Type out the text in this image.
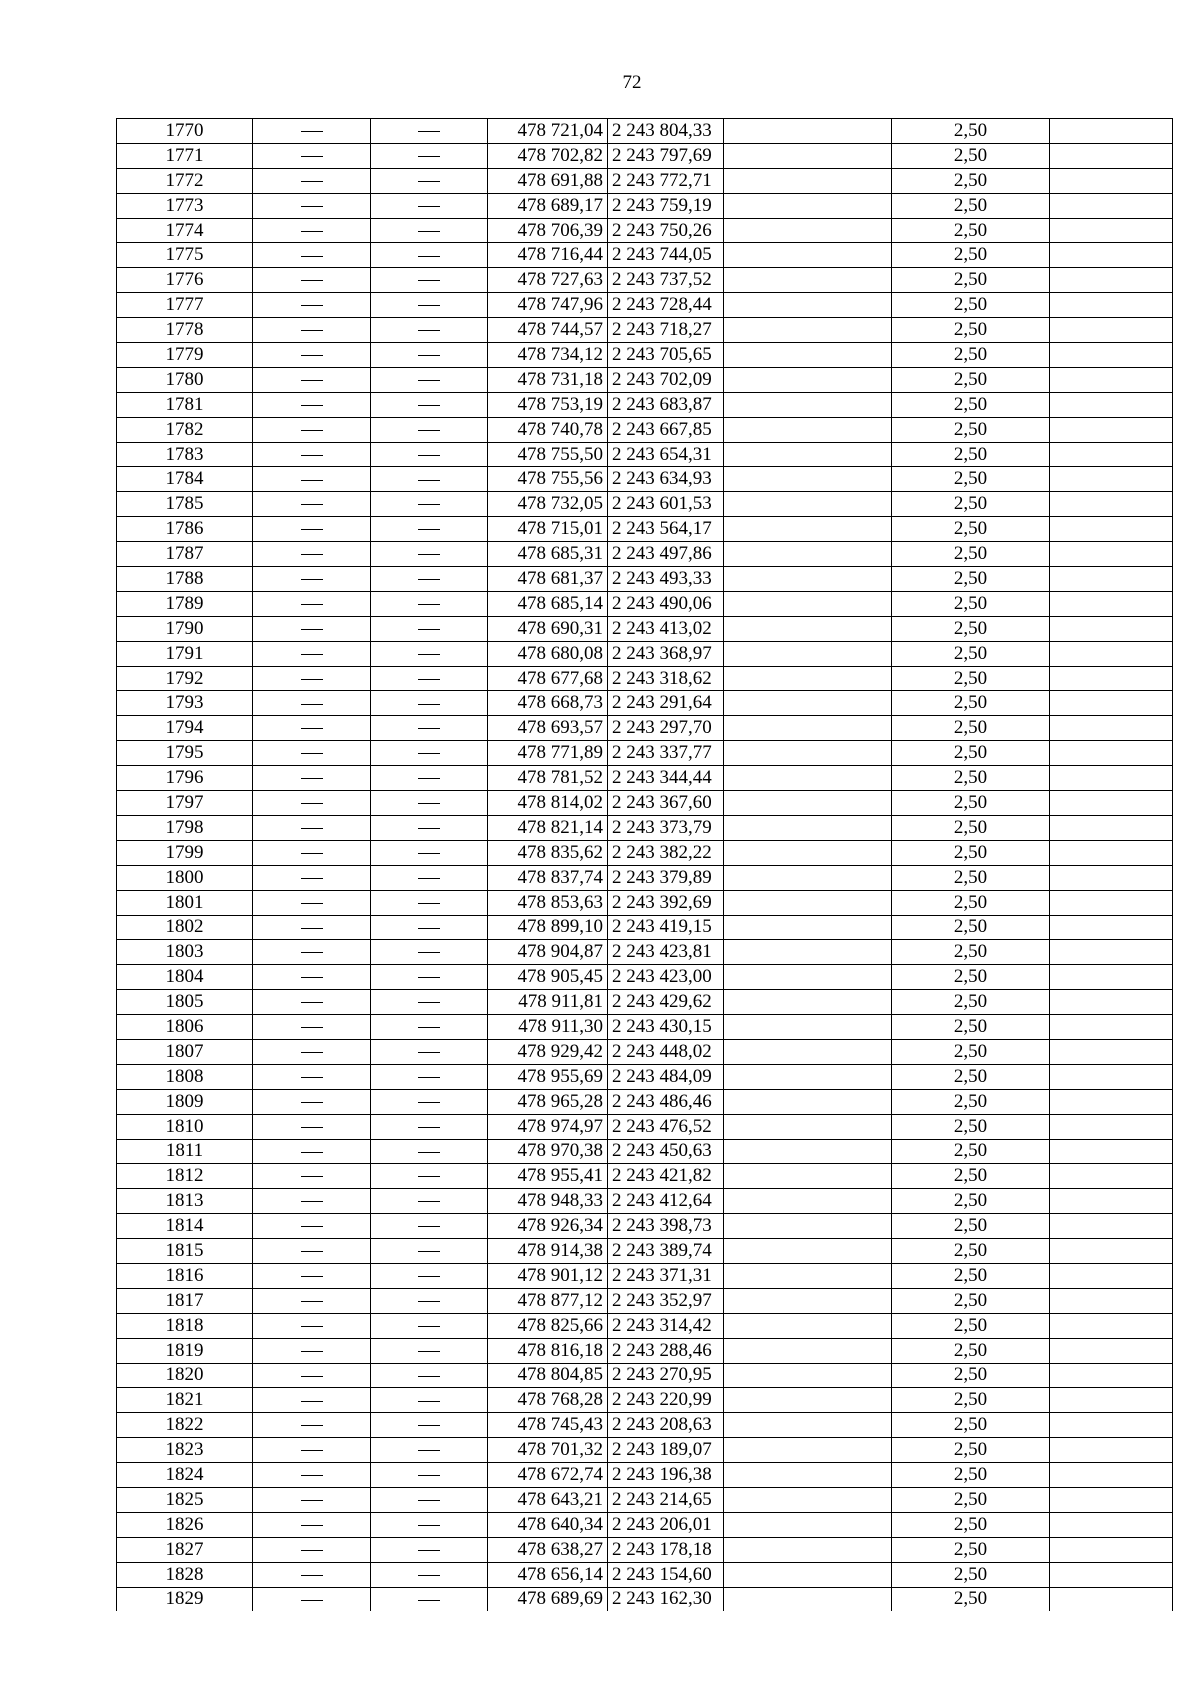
72
1770			478 721,04	2 243 804,33		2,50	
1771			478 702,82	2 243 797,69		2,50	
1772			478 691,88	2 243 772,71		2,50	
1773			478 689,17	2 243 759,19		2,50	
1774			478 706,39	2 243 750,26		2,50	
1775			478 716,44	2 243 744,05		2,50	
1776			478 727,63	2 243 737,52		2,50	
1777			478 747,96	2 243 728,44		2,50	
1778			478 744,57	2 243 718,27		2,50	
1779			478 734,12	2 243 705,65		2,50	
1780			478 731,18	2 243 702,09		2,50	
1781			478 753,19	2 243 683,87		2,50	
1782			478 740,78	2 243 667,85		2,50	
1783			478 755,50	2 243 654,31		2,50	
1784			478 755,56	2 243 634,93		2,50	
1785			478 732,05	2 243 601,53		2,50	
1786			478 715,01	2 243 564,17		2,50	
1787			478 685,31	2 243 497,86		2,50	
1788			478 681,37	2 243 493,33		2,50	
1789			478 685,14	2 243 490,06		2,50	
1790			478 690,31	2 243 413,02		2,50	
1791			478 680,08	2 243 368,97		2,50	
1792			478 677,68	2 243 318,62		2,50	
1793			478 668,73	2 243 291,64		2,50	
1794			478 693,57	2 243 297,70		2,50	
1795			478 771,89	2 243 337,77		2,50	
1796			478 781,52	2 243 344,44		2,50	
1797			478 814,02	2 243 367,60		2,50	
1798			478 821,14	2 243 373,79		2,50	
1799			478 835,62	2 243 382,22		2,50	
1800			478 837,74	2 243 379,89		2,50	
1801			478 853,63	2 243 392,69		2,50	
1802			478 899,10	2 243 419,15		2,50	
1803			478 904,87	2 243 423,81		2,50	
1804			478 905,45	2 243 423,00		2,50	
1805			478 911,81	2 243 429,62		2,50	
1806			478 911,30	2 243 430,15		2,50	
1807			478 929,42	2 243 448,02		2,50	
1808			478 955,69	2 243 484,09		2,50	
1809			478 965,28	2 243 486,46		2,50	
1810			478 974,97	2 243 476,52		2,50	
1811			478 970,38	2 243 450,63		2,50	
1812			478 955,41	2 243 421,82		2,50	
1813			478 948,33	2 243 412,64		2,50	
1814			478 926,34	2 243 398,73		2,50	
1815			478 914,38	2 243 389,74		2,50	
1816			478 901,12	2 243 371,31		2,50	
1817			478 877,12	2 243 352,97		2,50	
1818			478 825,66	2 243 314,42		2,50	
1819			478 816,18	2 243 288,46		2,50	
1820			478 804,85	2 243 270,95		2,50	
1821			478 768,28	2 243 220,99		2,50	
1822			478 745,43	2 243 208,63		2,50	
1823			478 701,32	2 243 189,07		2,50	
1824			478 672,74	2 243 196,38		2,50	
1825			478 643,21	2 243 214,65		2,50	
1826			478 640,34	2 243 206,01		2,50	
1827			478 638,27	2 243 178,18		2,50	
1828			478 656,14	2 243 154,60		2,50	
1829			478 689,69	2 243 162,30		2,50	
